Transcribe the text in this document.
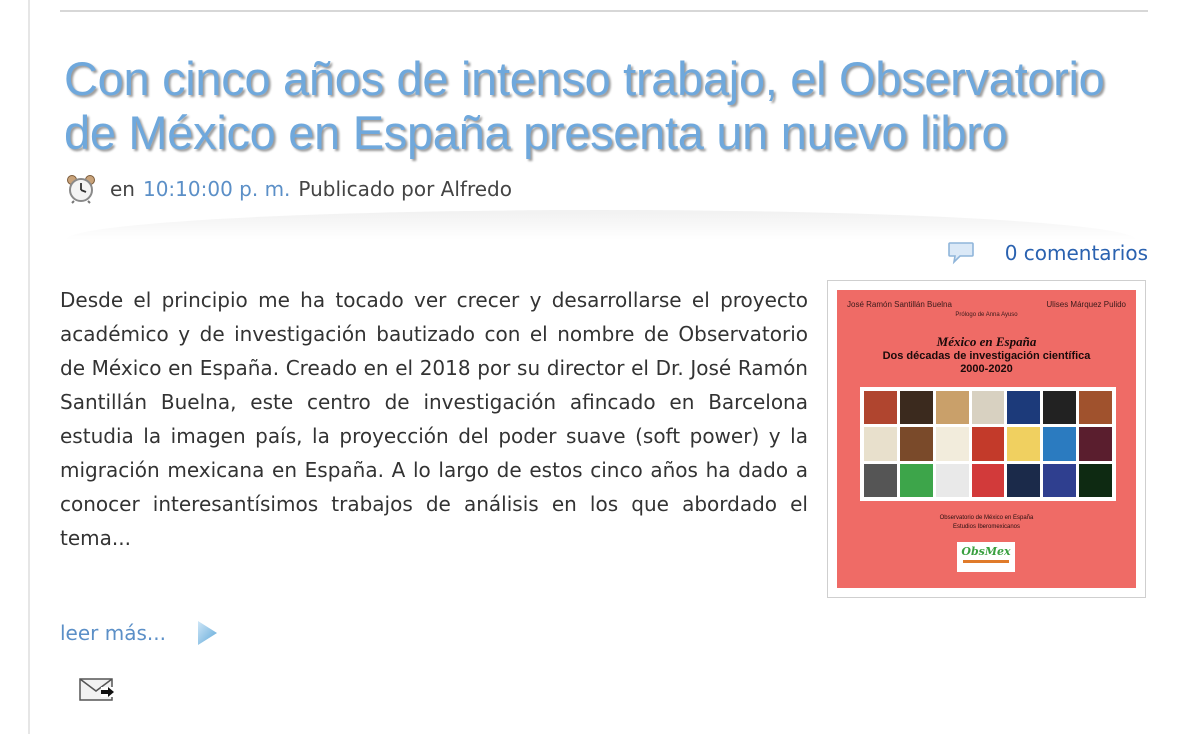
Con cinco años de intenso trabajo, el Observatorio de México en España presenta un nuevo libro
en 10:10:00 p. m. Publicado por Alfredo
0 comentarios

Desde el principio me ha tocado ver crecer y desarrollarse el proyecto académico y de investigación bautizado con el nombre de Observatorio de México en España. Creado en el 2018 por su director el Dr. José Ramón Santillán Buelna, este centro de investigación afincado en Barcelona estudia la imagen país, la proyección del poder suave (soft power) y la migración mexicana en España. A lo largo de estos cinco años ha dado a conocer interesantísimos trabajos de análisis en los que abordado el tema...

José Ramón Santillán Buelna	Ulises Márquez Pulido
Prólogo de Anna Ayuso
México en España
Dos décadas de investigación científica
2000-2020
Observatorio de México en España
Estudios Iberomexicanos
ObsMex
leer más...
